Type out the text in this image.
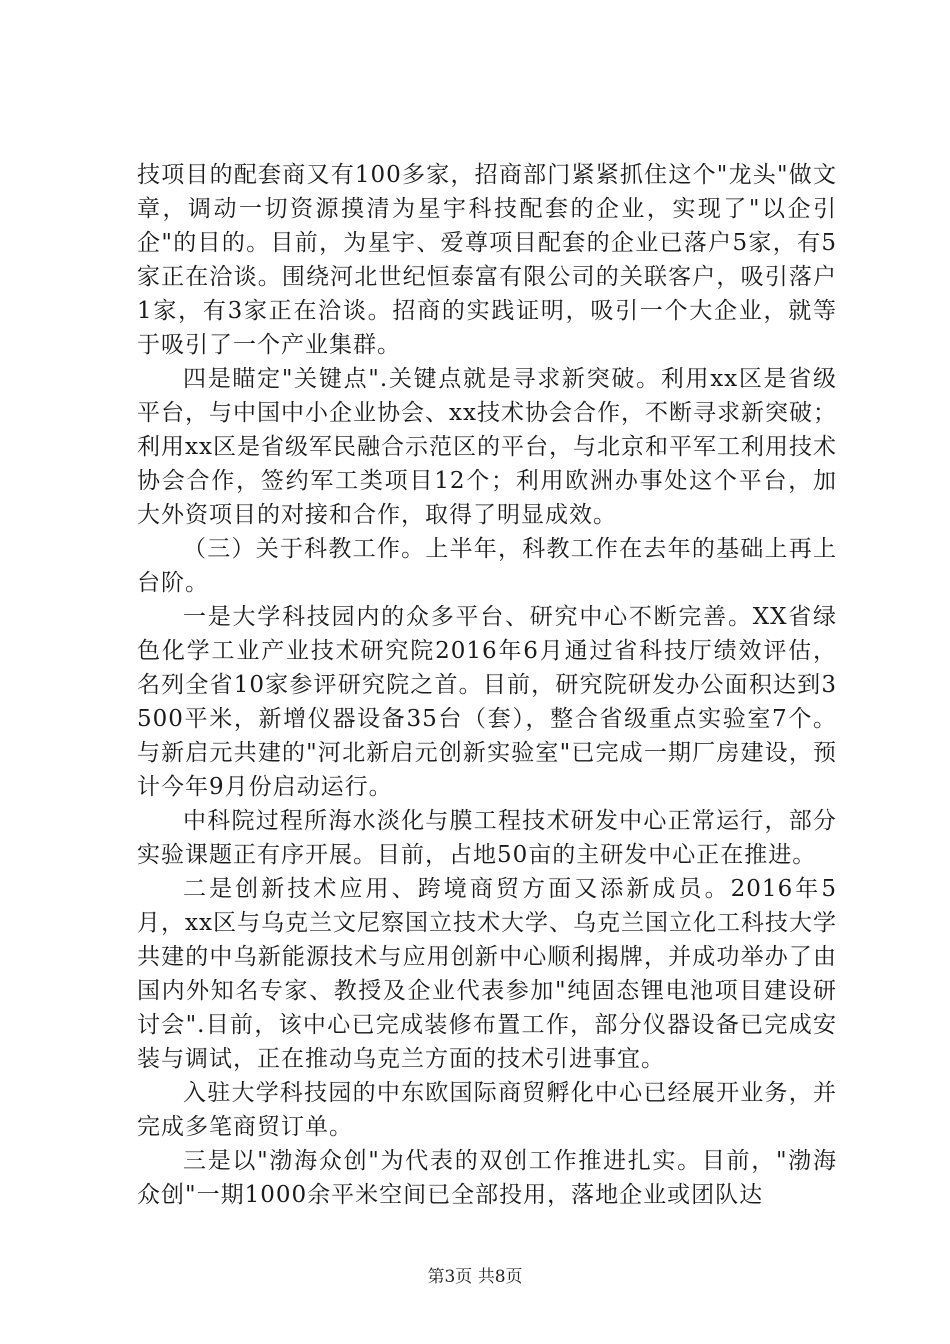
技项目的配套商又有100多家，招商部门紧紧抓住这个"龙头"做文章，调动一切资源摸清为星宇科技配套的企业，实现了"以企引企"的目的。目前，为星宇、爱尊项目配套的企业已落户5家，有5家正在洽谈。围绕河北世纪恒泰富有限公司的关联客户，吸引落户1家，有3家正在洽谈。招商的实践证明，吸引一个大企业，就等于吸引了一个产业集群。

四是瞄定"关键点".关键点就是寻求新突破。利用xx区是省级平台，与中国中小企业协会、xx技术协会合作，不断寻求新突破；利用xx区是省级军民融合示范区的平台，与北京和平军工利用技术协会合作，签约军工类项目12个；利用欧洲办事处这个平台，加大外资项目的对接和合作，取得了明显成效。

（三）关于科教工作。上半年，科教工作在去年的基础上再上台阶。

一是大学科技园内的众多平台、研究中心不断完善。XX省绿色化学工业产业技术研究院2016年6月通过省科技厅绩效评估，名列全省10家参评研究院之首。目前，研究院研发办公面积达到3500平米，新增仪器设备35台（套），整合省级重点实验室7个。与新启元共建的"河北新启元创新实验室"已完成一期厂房建设，预计今年9月份启动运行。

中科院过程所海水淡化与膜工程技术研发中心正常运行，部分实验课题正有序开展。目前，占地50亩的主研发中心正在推进。

二是创新技术应用、跨境商贸方面又添新成员。2016年5月，xx区与乌克兰文尼察国立技术大学、乌克兰国立化工科技大学共建的中乌新能源技术与应用创新中心顺利揭牌，并成功举办了由国内外知名专家、教授及企业代表参加"纯固态锂电池项目建设研讨会".目前，该中心已完成装修布置工作，部分仪器设备已完成安装与调试，正在推动乌克兰方面的技术引进事宜。

入驻大学科技园的中东欧国际商贸孵化中心已经展开业务，并完成多笔商贸订单。

三是以"渤海众创"为代表的双创工作推进扎实。目前，"渤海众创"一期1000余平米空间已全部投用，落地企业或团队达

第3页 共8页
